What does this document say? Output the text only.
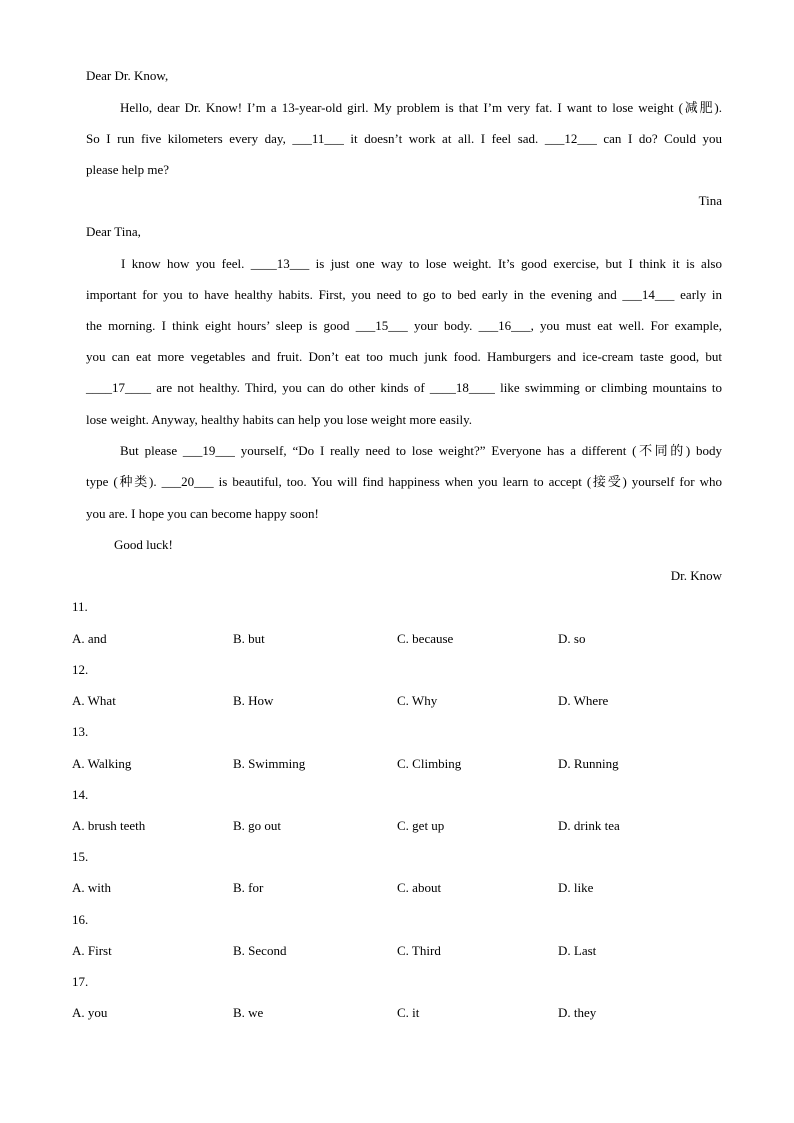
Dear Dr. Know,
Hello, dear Dr. Know! I’m a 13-year-old girl. My problem is that I’m very fat. I want to lose weight (减肥).
So I run five kilometers every day, ___11___ it doesn’t work at all. I feel sad. ___12___ can I do? Could you
please help me?
Tina
Dear Tina,
I know how you feel. ____13___ is just one way to lose weight. It’s good exercise, but I think it is also
important for you to have healthy habits. First, you need to go to bed early in the evening and ___14___ early in
the morning. I think eight hours’ sleep is good ___15___ your body. ___16___, you must eat well. For example,
you can eat more vegetables and fruit. Don’t eat too much junk food. Hamburgers and ice-cream taste good, but
____17____ are not healthy. Third, you can do other kinds of ____18____ like swimming or climbing mountains to
lose weight. Anyway, healthy habits can help you lose weight more easily.
But please ___19___ yourself, “Do I really need to lose weight?” Everyone has a different (不同的) body
type (种类). ___20___ is beautiful, too. You will find happiness when you learn to accept (接受) yourself for who
you are. I hope you can become happy soon!
Good luck!
Dr. Know
11.
A. and	B. but	C. because	D. so
12.
A. What	B. How	C. Why	D. Where
13.
A. Walking	B. Swimming	C. Climbing	D. Running
14.
A. brush teeth	B. go out	C. get up	D. drink tea
15.
A. with	B. for	C. about	D. like
16.
A. First	B. Second	C. Third	D. Last
17.
A. you	B. we	C. it	D. they
